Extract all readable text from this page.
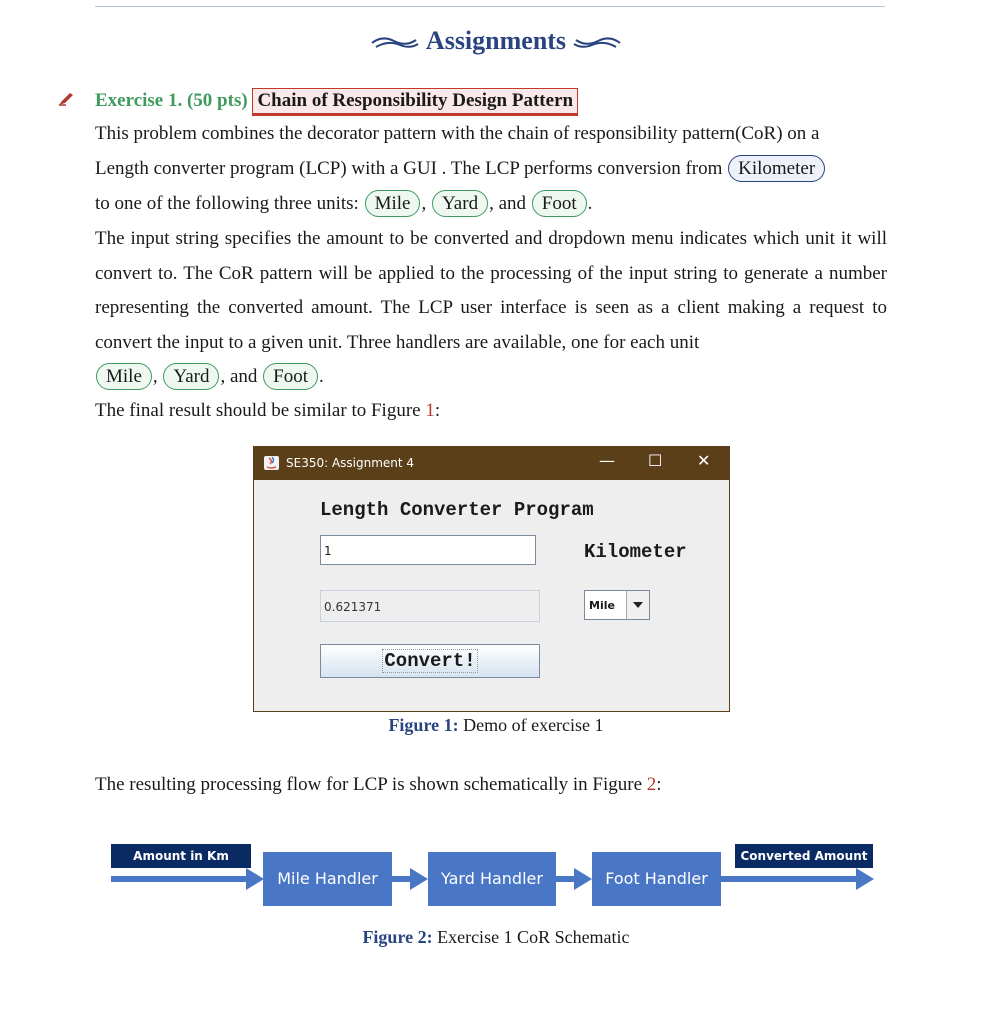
Assignments
Exercise 1. (50 pts) Chain of Responsibility Design Pattern
This problem combines the decorator pattern with the chain of responsibility pattern(CoR) on a
Length converter program (LCP) with a GUI . The LCP performs conversion from Kilometer
to one of the following three units: Mile , Yard , and Foot .
The input string specifies the amount to be converted and dropdown menu indicates which unit it will convert to. The CoR pattern will be applied to the processing of the input string to generate a number representing the converted amount. The LCP user interface is seen as a client making a request to convert the input to a given unit. Three handlers are available, one for each unit
Mile , Yard , and Foot .
The final result should be similar to Figure 1:
SE350: Assignment 4	— ☐ ✕
Length Converter Program
1	Kilometer
0.621371	Mile
Convert!
Figure 1: Demo of exercise 1
The resulting processing flow for LCP is shown schematically in Figure 2:
Amount in Km	Converted Amount
Mile Handler	Yard Handler	Foot Handler
Figure 2: Exercise 1 CoR Schematic
